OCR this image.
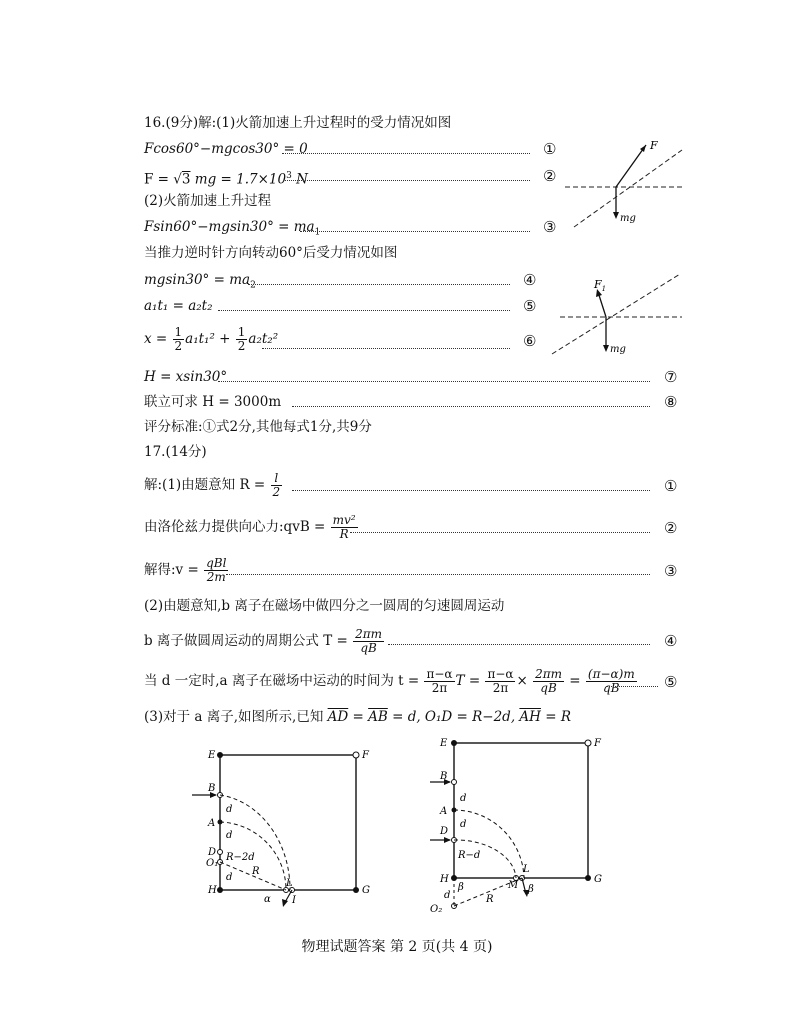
16.(9分)解:(1)火箭加速上升过程时的受力情况如图
Fcos60°−mgcos30° = 0	①
F = √3 mg = $1.7\times 10^3$ N	②
(2)火箭加速上升过程
$Fsin60^\circ-mgsin30^\circ = ma_1$	③
当推力逆时针方向转动60°后受力情况如图
$mgsin30^\circ = ma_2$	④
a₁t₁ = a₂t₂	⑤
$x = \frac{1}{2} a_1t_1^2 + \frac{1}{2} a_2t_2^2$	⑥
H = xsin30°	⑦
联立可求 H = 3000m	⑧
评分标准:①式2分,其他每式1分,共9分
F
mg
$F_1$
mg
17.(14分)
解:(1)由题意知 $R = \frac{l}{2}$	①
由洛伦兹力提供向心力:qvB = $\frac{\text{mv²}}{R}$	②
解得:v = $\frac{\text{qBl}}{2m}$	③
(2)由题意知,b 离子在磁场中做四分之一圆周的匀速圆周运动
b 离子做圆周运动的周期公式 $T = \frac{2\pi m}{qB}$	④
当 d 一定时,a 离子在磁场中运动的时间为 $t = \frac{\pi-\alpha}{2\pi}$ $T = \frac{\pi-\alpha}{2\pi} \times \frac{2\pi m}{qB} = \frac{(\pi-\alpha)m}{qB}$ ⑤
(3)对于 a 离子,如图所示,已知 $\overline{AD} = \overline{AB} = d$, O₁D = R−2d, $\overline{AH} = R$
E	F
B
A
D
O₁
H	G
L
I
d
d
R−2d
d
R
α
E	F
B
A
D
H	G
L
M
O₂
d
d
R−d
d
β	β
R
物理试题答案 第 2 页(共 4 页)
